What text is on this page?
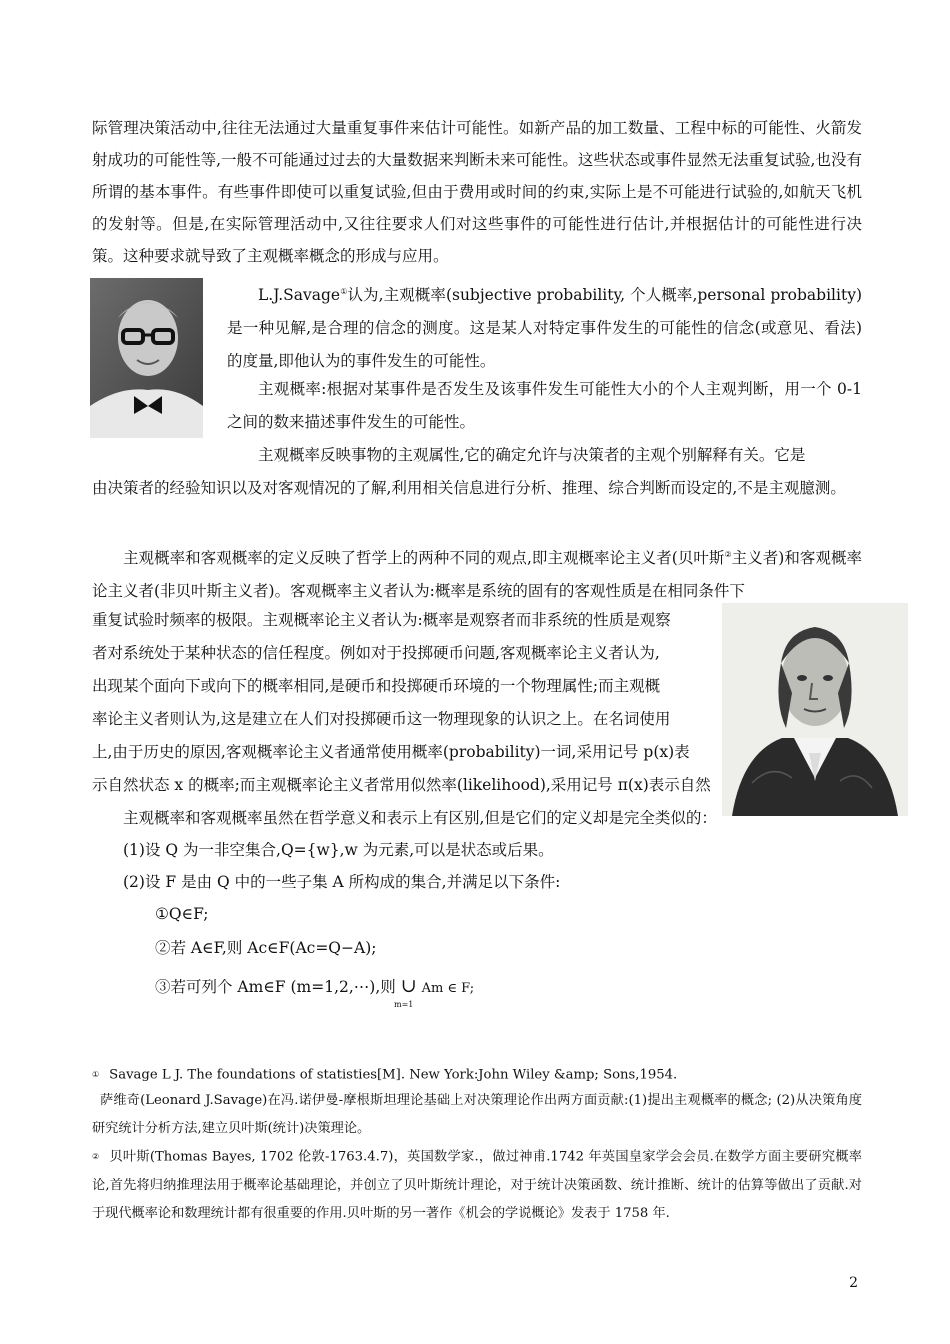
际管理决策活动中,往往无法通过大量重复事件来估计可能性。如新产品的加工数量、工程中标的可能性、火箭发射成功的可能性等,一般不可能通过过去的大量数据来判断未来可能性。这些状态或事件显然无法重复试验,也没有所谓的基本事件。有些事件即使可以重复试验,但由于费用或时间的约束,实际上是不可能进行试验的,如航天飞机的发射等。但是,在实际管理活动中,又往往要求人们对这些事件的可能性进行估计,并根据估计的可能性进行决策。这种要求就导致了主观概率概念的形成与应用。

L.J.Savage①认为,主观概率(subjective probability, 个人概率,personal probability) 是一种见解,是合理的信念的测度。这是某人对特定事件发生的可能性的信念(或意见、看法)的度量,即他认为的事件发生的可能性。

主观概率:根据对某事件是否发生及该事件发生可能性大小的个人主观判断，用一个 0-1 之间的数来描述事件发生的可能性。

主观概率反映事物的主观属性,它的确定允许与决策者的主观个别解释有关。它是

由决策者的经验知识以及对客观情况的了解,利用相关信息进行分析、推理、综合判断而设定的,不是主观臆测。

主观概率和客观概率的定义反映了哲学上的两种不同的观点,即主观概率论主义者(贝叶斯②主义者)和客观概率论主义者(非贝叶斯主义者)。客观概率主义者认为:概率是系统的固有的客观性质是在相同条件下

重复试验时频率的极限。主观概率论主义者认为:概率是观察者而非系统的性质是观察
者对系统处于某种状态的信任程度。例如对于投掷硬币问题,客观概率论主义者认为,
出现某个面向下或向下的概率相同,是硬币和投掷硬币环境的一个物理属性;而主观概
率论主义者则认为,这是建立在人们对投掷硬币这一物理现象的认识之上。在名词使用
上,由于历史的原因,客观概率论主义者通常使用概率(probability)一词,采用记号 p(x)表
示自然状态 x 的概率;而主观概率论主义者常用似然率(likelihood),采用记号 π(x)表示自然

主观概率和客观概率虽然在哲学意义和表示上有区别,但是它们的定义却是完全类似的：

(1)设 Q 为一非空集合,Q={w},w 为元素,可以是状态或后果。

(2)设 F 是由 Q 中的一些子集 A 所构成的集合,并满足以下条件:

①Q∈F;

②若 A∈F,则 Ac∈F(Ac=Q−A);

③若可列个 Am∈F (m=1,2,⋯),则 ∪ Am ∈ F;
m=1
① Savage L J. The foundations of statisties[M]. New York:John Wiley &amp; Sons,1954.
萨维奇(Leonard J.Savage)在冯.诺伊曼-摩根斯坦理论基础上对决策理论作出两方面贡献:(1)提出主观概率的概念; (2)从决策角度研究统计分析方法,建立贝叶斯(统计)决策理论。
② 贝叶斯(Thomas Bayes, 1702 伦敦-1763.4.7)，英国数学家.，做过神甫.1742 年英国皇家学会会员.在数学方面主要研究概率论,首先将归纳推理法用于概率论基础理论，并创立了贝叶斯统计理论，对于统计决策函数、统计推断、统计的估算等做出了贡献.对于现代概率论和数理统计都有很重要的作用.贝叶斯的另一著作《机会的学说概论》发表于 1758 年.
2
